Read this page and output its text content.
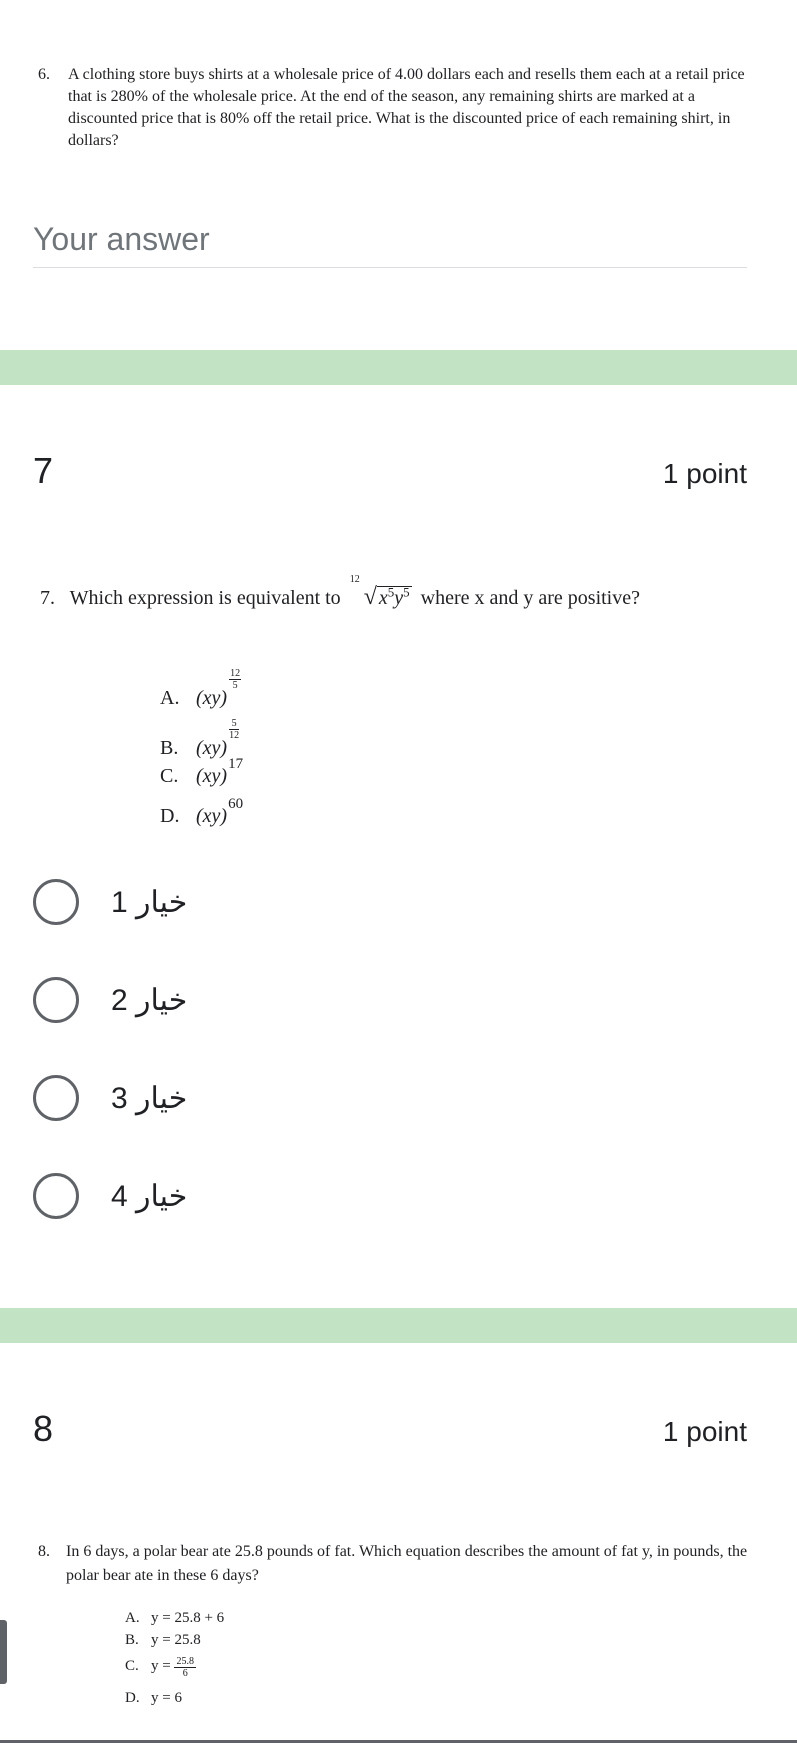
6.	A clothing store buys shirts at a wholesale price of 4.00 dollars each and resells them each at a retail price that is 280% of the wholesale price. At the end of the season, any remaining shirts are marked at a discounted price that is 80% off the retail price. What is the discounted price of each remaining shirt, in dollars?
Your answer
7	1 point
7. Which expression is equivalent to
12
√ $x^5y^5$ where x and y are positive?
A. (xy)
$\frac{12}{5}$
B. (xy)
$\frac{5}{12}$
C. (xy)$^{17}$
D. (xy)$^{60}$
خيار 1
خيار 2
خيار 3
خيار 4
8	1 point
8.	In 6 days, a polar bear ate 25.8 pounds of fat. Which equation describes the amount of fat y, in pounds, the polar bear ate in these 6 days?
A. y = 25.8 + 6
B. y = 25.8
C. $y = \frac{25.8}{6}$
D. y = 6
